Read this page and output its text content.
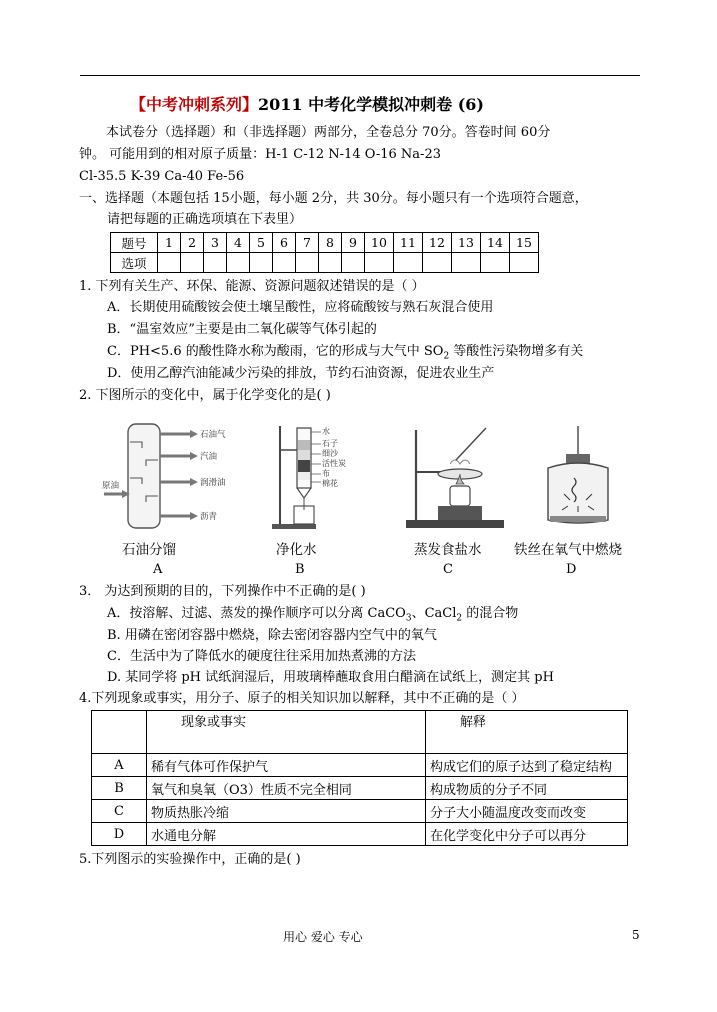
【中考冲刺系列】2011 中考化学模拟冲刺卷 (6)
本试卷分（选择题）和（非选择题）两部分，全卷总分 70分。答卷时间 60分
钟。 可能用到的相对原子质量：H-1 C-12 N-14 O-16 Na-23
Cl-35.5 K-39 Ca-40 Fe-56
一、选择题（本题包括 15小题，每小题 2分，共 30分。每小题只有一个选项符合题意，
请把每题的正确选项填在下表里）
题号	1	2	3	4	5	6	7	8	9	10	11	12	13	14	15
选项															
1. 下列有关生产、环保、能源、资源问题叙述错误的是（ ）
A．长期使用硫酸铵会使土壤呈酸性，应将硫酸铵与熟石灰混合使用
B．“温室效应”主要是由二氧化碳等气体引起的
C．PH<5.6 的酸性降水称为酸雨，它的形成与大气中 $SO_2$ 等酸性污染物增多有关
D．使用乙醇汽油能减少污染的排放，节约石油资源，促进农业生产
2. 下图所示的变化中，属于化学变化的是( )
石油气
汽油
润滑油
沥青
原油
水
石子
细沙
活性炭
布
棉花
石油分馏	净化水	蒸发食盐水 铁丝在氧气中燃烧
A	B	C	D
3． 为达到预期的目的，下列操作中不正确的是( )
A．按溶解、过滤、蒸发的操作顺序可以分离 CaCO$_3$、CaCl$_2$ 的混合物
B. 用磷在密闭容器中燃烧，除去密闭容器内空气中的氧气
C．生活中为了降低水的硬度往往采用加热煮沸的方法
D. 某同学将 pH 试纸润湿后，用玻璃棒蘸取食用白醋滴在试纸上，测定其 pH
4.下列现象或事实，用分子、原子的相关知识加以解释，其中不正确的是（ ）
	现象或事实	解释
A	稀有气体可作保护气	构成它们的原子达到了稳定结构
B	氧气和臭氧（O3）性质不完全相同	构成物质的分子不同
C	物质热胀冷缩	分子大小随温度改变而改变
D	水通电分解	在化学变化中分子可以再分
5.下列图示的实验操作中，正确的是( )
用心 爱心 专心	5
